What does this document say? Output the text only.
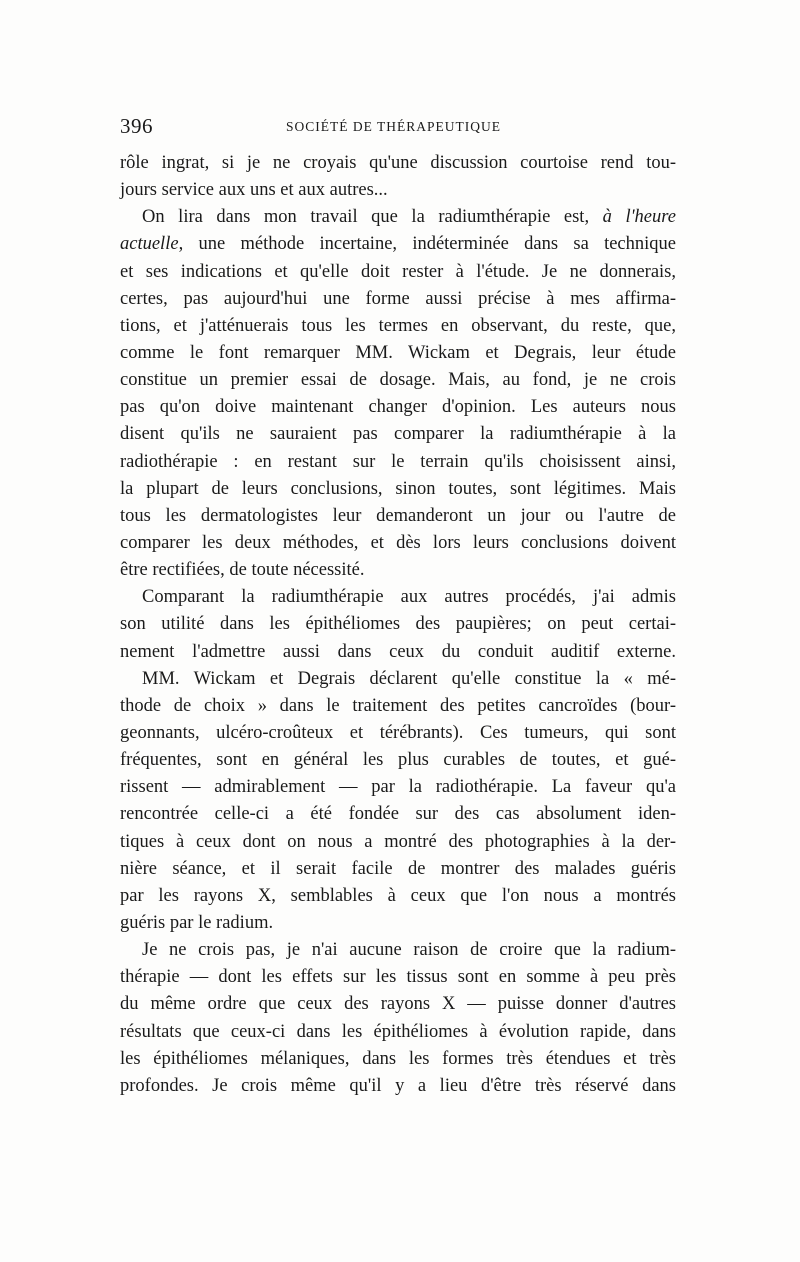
396	SOCIÉTÉ DE THÉRAPEUTIQUE
rôle ingrat, si je ne croyais qu'une discussion courtoise rend tou-
jours service aux uns et aux autres...
On lira dans mon travail que la radiumthérapie est, à l'heure
actuelle, une méthode incertaine, indéterminée dans sa technique
et ses indications et qu'elle doit rester à l'étude. Je ne donnerais,
certes, pas aujourd'hui une forme aussi précise à mes affirma-
tions, et j'atténuerais tous les termes en observant, du reste, que,
comme le font remarquer MM. Wickam et Degrais, leur étude
constitue un premier essai de dosage. Mais, au fond, je ne crois
pas qu'on doive maintenant changer d'opinion. Les auteurs nous
disent qu'ils ne sauraient pas comparer la radiumthérapie à la
radiothérapie : en restant sur le terrain qu'ils choisissent ainsi,
la plupart de leurs conclusions, sinon toutes, sont légitimes. Mais
tous les dermatologistes leur demanderont un jour ou l'autre de
comparer les deux méthodes, et dès lors leurs conclusions doivent
être rectifiées, de toute nécessité.
Comparant la radiumthérapie aux autres procédés, j'ai admis
son utilité dans les épithéliomes des paupières; on peut certai-
nement l'admettre aussi dans ceux du conduit auditif externe.
MM. Wickam et Degrais déclarent qu'elle constitue la « mé-
thode de choix » dans le traitement des petites cancroïdes (bour-
geonnants, ulcéro-croûteux et térébrants). Ces tumeurs, qui sont
fréquentes, sont en général les plus curables de toutes, et gué-
rissent — admirablement — par la radiothérapie. La faveur qu'a
rencontrée celle-ci a été fondée sur des cas absolument iden-
tiques à ceux dont on nous a montré des photographies à la der-
nière séance, et il serait facile de montrer des malades guéris
par les rayons X, semblables à ceux que l'on nous a montrés
guéris par le radium.
Je ne crois pas, je n'ai aucune raison de croire que la radium-
thérapie — dont les effets sur les tissus sont en somme à peu près
du même ordre que ceux des rayons X — puisse donner d'autres
résultats que ceux-ci dans les épithéliomes à évolution rapide, dans
les épithéliomes mélaniques, dans les formes très étendues et très
profondes. Je crois même qu'il y a lieu d'être très réservé dans
